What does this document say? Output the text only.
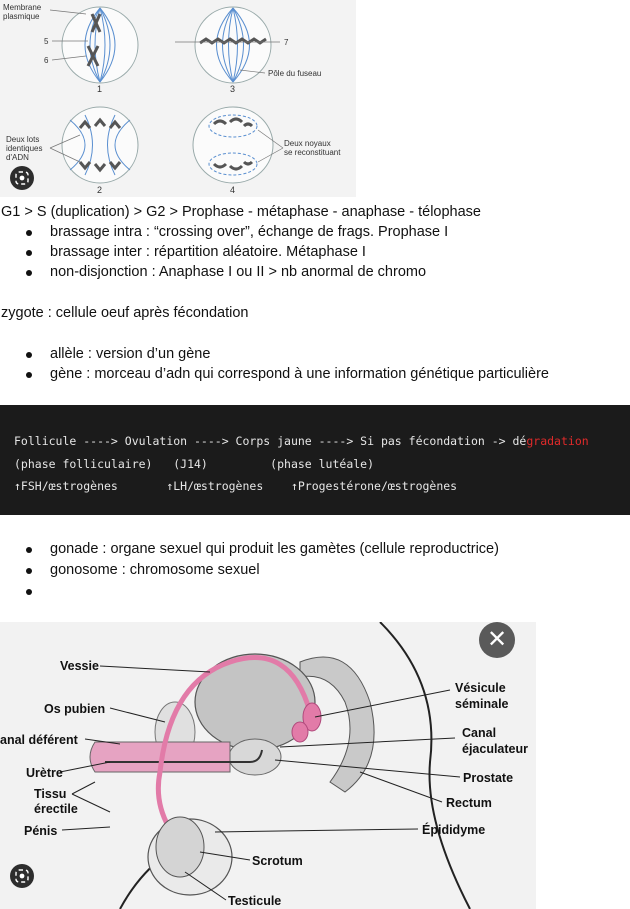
Membrane plasmique
5
6
7
Pôle du fuseau
Deux lots identiques d'ADN
Deux noyaux se reconstituant
1	3
2	4
G1 > S (duplication) > G2 > Prophase - métaphase - anaphase - télophase
brassage intra : “crossing over”, échange de frags. Prophase I
brassage inter : répartition aléatoire. Métaphase I
non-disjonction : Anaphase I ou II > nb anormal de chromo
zygote : cellule oeuf après fécondation
allèle : version d’un gène
gène : morceau d’adn qui correspond à une information génétique particulière
Follicule ----> Ovulation ----> Corps jaune ----> Si pas fécondation -> dégradation
(phase folliculaire)   (J14)         (phase lutéale)
↑FSH/œstrogènes       ↑LH/œstrogènes    ↑Progestérone/œstrogènes
gonade : organe sexuel qui produit les gamètes (cellule reproductrice)
gonosome : chromosome sexuel
Vessie
Os pubien
anal déférent
Urètre
Tissu
érectile
Pénis
Scrotum
Testicule
Vésicule
séminale
Canal
éjaculateur
Prostate
Rectum
Épididyme
✕
